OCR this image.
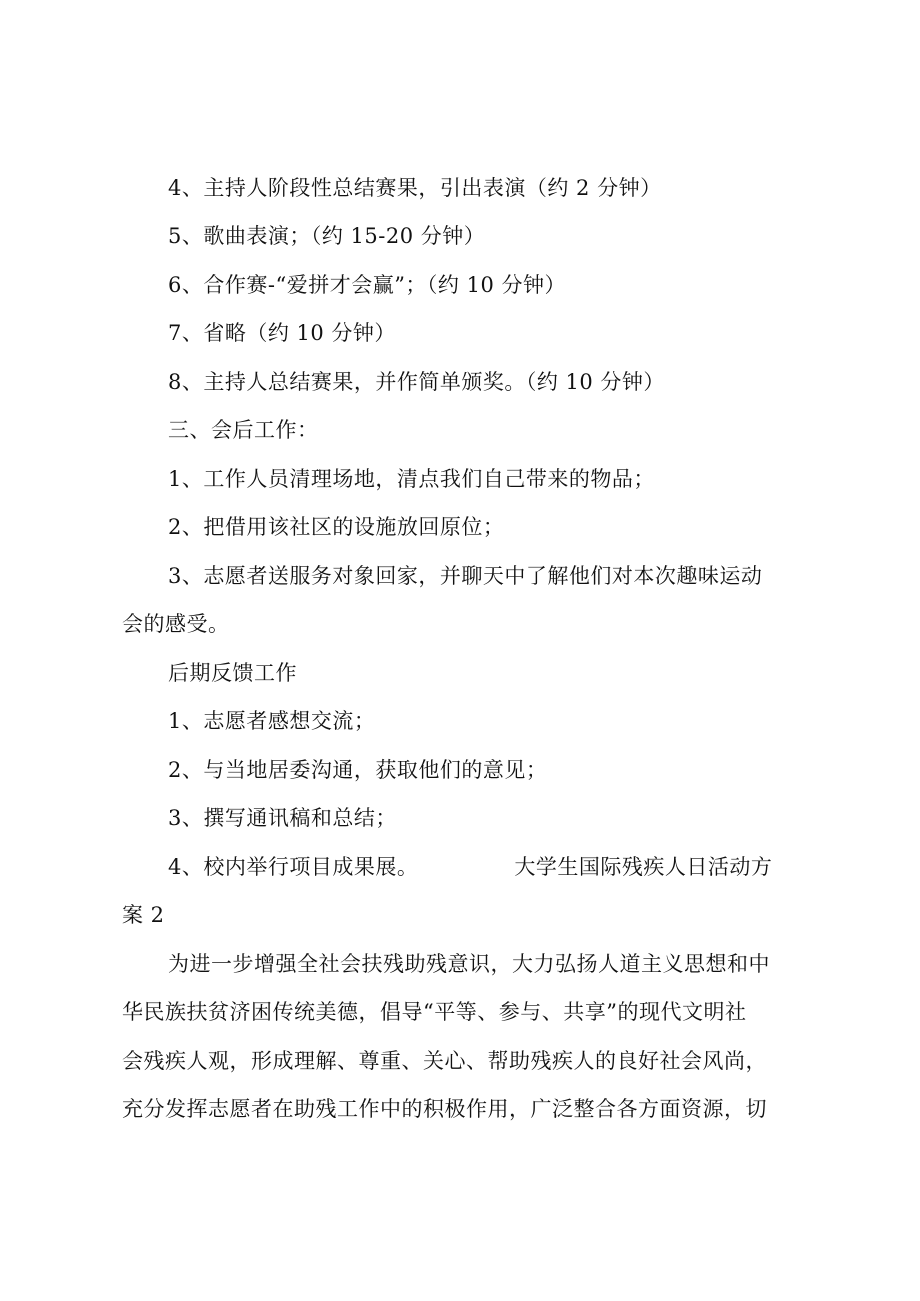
4、主持人阶段性总结赛果，引出表演（约 2 分钟）
5、歌曲表演；（约 15-20 分钟）
6、合作赛-“爱拼才会赢”；（约 10 分钟）
7、省略（约 10 分钟）
8、主持人总结赛果，并作简单颁奖。（约 10 分钟）
三、会后工作：
1、工作人员清理场地，清点我们自己带来的物品；
2、把借用该社区的设施放回原位；
3、志愿者送服务对象回家，并聊天中了解他们对本次趣味运动
会的感受。
后期反馈工作
1、志愿者感想交流；
2、与当地居委沟通，获取他们的意见；
3、撰写通讯稿和总结；
4、校内举行项目成果展。	大学生国际残疾人日活动方
案 2
为进一步增强全社会扶残助残意识，大力弘扬人道主义思想和中
华民族扶贫济困传统美德，倡导“平等、参与、共享”的现代文明社
会残疾人观，形成理解、尊重、关心、帮助残疾人的良好社会风尚，
充分发挥志愿者在助残工作中的积极作用，广泛整合各方面资源，切
